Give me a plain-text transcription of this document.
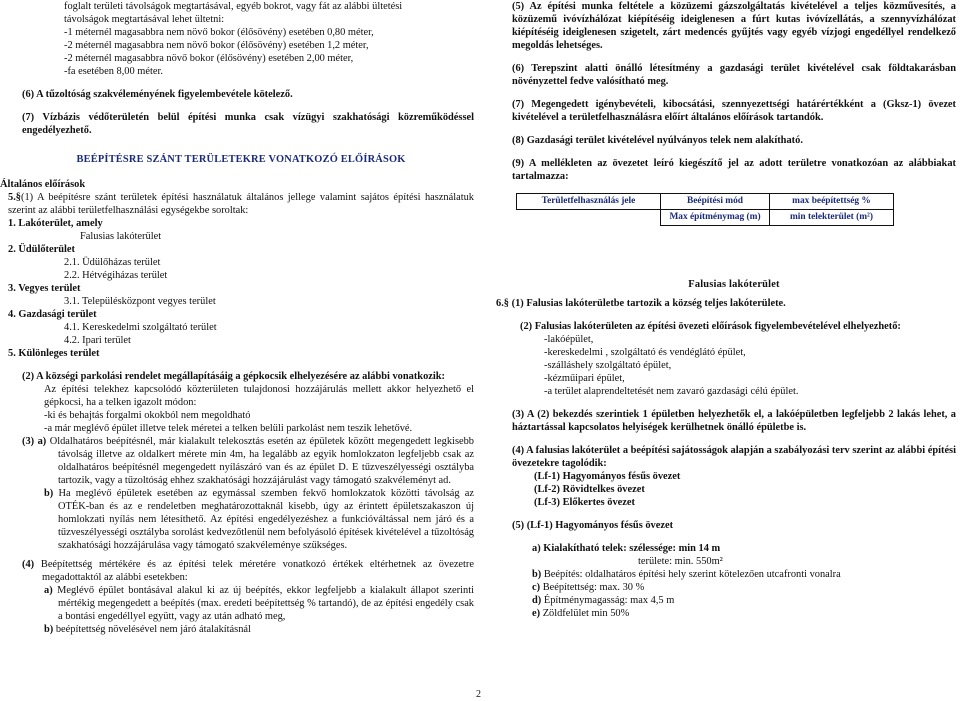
foglalt területi távolságok megtartásával, egyéb bokrot, vagy fát az alábbi ültetési

távolságok megtartásával lehet ültetni:

-1 méternél magasabbra nem növő bokor (élősövény) esetében 0,80 méter,

-2 méternél magasabbra nem növő bokor (élősövény) esetében 1,2 méter,

-2 méternél magasabbra növő bokor (élősövény) esetében 2,00 méter,

-fa esetében 8,00 méter.

(6) A tűzoltóság szakvéleményének figyelembevétele kötelező.

(7) Vízbázis védőterületén belül építési munka csak vízügyi szakhatósági közreműködéssel engedélyezhető.

BEÉPÍTÉSRE SZÁNT TERÜLETEKRE VONATKOZÓ ELŐÍRÁSOK

Általános előírások

5.§(1) A beépítésre szánt területek építési használatuk általános jellege valamint sajátos építési használatuk szerint az alábbi területfelhasználási egységekbe soroltak:

1. Lakóterület, amely

Falusias lakóterület

2. Üdülőterület

2.1. Üdülőházas terület

2.2. Hétvégiházas terület

3. Vegyes terület

3.1. Településközpont vegyes terület

4. Gazdasági terület

4.1. Kereskedelmi szolgáltató terület

4.2. Ipari terület

5. Különleges terület

(2) A községi parkolási rendelet megállapításáig a gépkocsik elhelyezésére az alábbi vonatkozik:

Az építési telekhez kapcsolódó közterületen tulajdonosi hozzájárulás mellett akkor helyezhető el gépkocsi, ha a telken igazolt módon:

-ki és behajtás forgalmi okokból nem megoldható

-a már meglévő épület illetve telek méretei a telken belüli parkolást nem teszik lehetővé.

(3) a) Oldalhatáros beépítésnél, már kialakult telekosztás esetén az épületek között megengedett legkisebb távolság illetve az oldalkert mérete min 4m, ha legalább az egyik homlokzaton legfeljebb csak az oldalhatáros beépítésnél megengedett nyílászáró van és az épület D. E tűzveszélyességi osztályba tartozik, vagy a tűzoltóság ehhez szakhatósági hozzájárulást vagy támogató szakvéleményt ad.

b) Ha meglévő épületek esetében az egymással szemben fekvő homlokzatok közötti távolság az OTÉK-ban és az e rendeletben meghatározottaknál kisebb, úgy az érintett épületszakaszon új homlokzati nyílás nem létesíthető. Az építési engedélyezéshez a funkcióváltással nem járó és a tűzveszélyességi osztályba sorolást kedvezőtlenül nem befolyásoló építések kivételével a tűzoltóság szakhatósági hozzájárulása vagy támogató szakvéleménye szükséges.

(4) Beépítettség mértékére és az építési telek méretére vonatkozó értékek eltérhetnek az övezetre megadottaktól az alábbi esetekben:

a) Meglévő épület bontásával alakul ki az új beépítés, ekkor legfeljebb a kialakult állapot szerinti mértékig megengedett a beépítés (max. eredeti beépítettség % tartandó), de az építési engedély csak a bontási engedéllyel együtt, vagy az után adható meg,

b) beépítettség növelésével nem járó átalakításnál

(5) Az építési munka feltétele a közüzemi gázszolgáltatás kivételével a teljes közművesítés, a közüzemű ivóvízhálózat kiépítéséig ideiglenesen a fúrt kutas ivóvízellátás, a szennyvízhálózat kiépítéséig ideiglenesen szigetelt, zárt medencés gyűjtés vagy egyéb vízjogi engedéllyel rendelkező megoldás lehetséges.

(6) Terepszint alatti önálló létesítmény a gazdasági terület kivételével csak földtakarásban növényzettel fedve valósítható meg.

(7) Megengedett igénybevételi, kibocsátási, szennyezettségi határértékként a (Gksz-1) övezet kivételével a területfelhasználásra előírt általános előírások tartandók.

(8) Gazdasági terület kivételével nyúlványos telek nem alakítható.

(9) A mellékleten az övezetet leíró kiegészítő jel az adott területre vonatkozóan az alábbiakat tartalmazza:

Területfelhasználás jele	Beépítési mód	max beépítettség %
	Max építménymag (m)	min telekterület (m²)

Falusias lakóterület

6.§ (1) Falusias lakóterületbe tartozik a község teljes lakóterülete.

(2) Falusias lakóterületen az építési övezeti előírások figyelembevételével elhelyezhető:

-lakóépület,

-kereskedelmi , szolgáltató és vendéglátó épület,

-szálláshely szolgáltató épület,

-kézműipari épület,

-a terület alaprendeltetését nem zavaró gazdasági célú épület.

(3) A (2) bekezdés szerintiek 1 épületben helyezhetők el, a lakóépületben legfeljebb 2 lakás lehet, a háztartással kapcsolatos helyiségek kerülhetnek önálló épületbe is.

(4) A falusias lakóterület a beépítési sajátosságok alapján a szabályozási terv szerint az alábbi építési övezetekre tagolódik:

(Lf-1) Hagyományos fésűs övezet

(Lf-2) Rövidtelkes övezet

(Lf-3) Előkertes övezet

(5) (Lf-1) Hagyományos fésűs övezet

a) Kialakítható telek: szélessége: min 14 m

területe: min. 550m²

b) Beépítés: oldalhatáros építési hely szerint kötelezően utcafronti vonalra

c) Beépítettség: max. 30 %

d) Építménymagasság: max 4,5 m

e) Zöldfelület min 50%

2
